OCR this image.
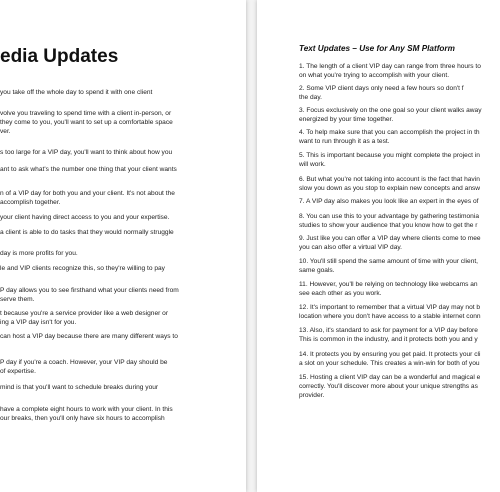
edia Updates
you take off the whole day to spend it with one client
volve you traveling to spend time with a client in-person, or
they come to you, you'll want to set up a comfortable space
ver.
s too large for a VIP day, you'll want to think about how you
ant to ask what's the number one thing that your client wants
n of a VIP day for both you and your client. It's not about the
accomplish together.
your client having direct access to you and your expertise.
a client is able to do tasks that they would normally struggle
day is more profits for you.
le and VIP clients recognize this, so they're willing to pay
P day allows you to see firsthand what your clients need from
serve them.
t because you're a service provider like a web designer or
ing a VIP day isn't for you.
can host a VIP day because there are many different ways to
P day if you're a coach. However, your VIP day should be
of expertise.
mind is that you'll want to schedule breaks during your
have a complete eight hours to work with your client. In this
our breaks, then you'll only have six hours to accomplish
Text Updates – Use for Any SM Platform
1. The length of a client VIP day can range from three hours to
on what you're trying to accomplish with your client.
2. Some VIP client days only need a few hours so don't f
the day.
3. Focus exclusively on the one goal so your client walks away
energized by your time together.
4. To help make sure that you can accomplish the project in th
want to run through it as a test.
5. This is important because you might complete the project in
will work.
6. But what you're not taking into account is the fact that havin
slow you down as you stop to explain new concepts and answ
7. A VIP day also makes you look like an expert in the eyes of
8. You can use this to your advantage by gathering testimonia
studies to show your audience that you know how to get the r
9. Just like you can offer a VIP day where clients come to mee
you can also offer a virtual VIP day.
10. You'll still spend the same amount of time with your client,
same goals.
11. However, you'll be relying on technology like webcams an
see each other as you work.
12. It's important to remember that a virtual VIP day may not b
location where you don't have access to a stable internet conn
13. Also, it's standard to ask for payment for a VIP day before
This is common in the industry, and it protects both you and y
14. It protects you by ensuring you get paid. It protects your cli
a slot on your schedule. This creates a win-win for both of you
15. Hosting a client VIP day can be a wonderful and magical e
correctly. You'll discover more about your unique strengths as
provider.
